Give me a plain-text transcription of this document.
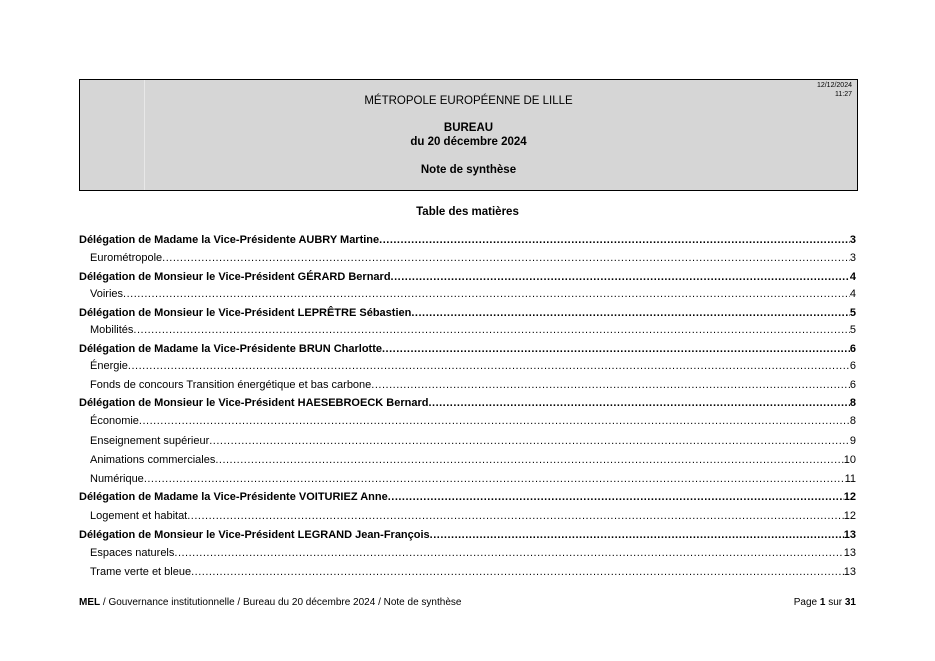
12/12/2024
11:27
MÉTROPOLE EUROPÉENNE DE LILLE
BUREAU
du 20 décembre 2024
Note de synthèse
Table des matières
Délégation de Madame la Vice-Présidente AUBRY Martine .....	3
Eurométropole .....	3
Délégation de Monsieur le Vice-Président GÉRARD Bernard .....	4
Voiries .....	4
Délégation de Monsieur le Vice-Président LEPRÊTRE Sébastien .....	5
Mobilités .....	5
Délégation de Madame la Vice-Présidente BRUN Charlotte .....	6
Énergie .....	6
Fonds de concours Transition énergétique et bas carbone .....	6
Délégation de Monsieur le Vice-Président HAESEBROECK Bernard .....	8
Économie .....	8
Enseignement supérieur .....	9
Animations commerciales .....	10
Numérique .....	11
Délégation de Madame la Vice-Présidente VOITURIEZ Anne .....	12
Logement et habitat .....	12
Délégation de Monsieur le Vice-Président LEGRAND Jean-François .....	13
Espaces naturels .....	13
Trame verte et bleue .....	13
MEL / Gouvernance institutionnelle / Bureau du 20 décembre 2024 / Note de synthèse	Page 1 sur 31
